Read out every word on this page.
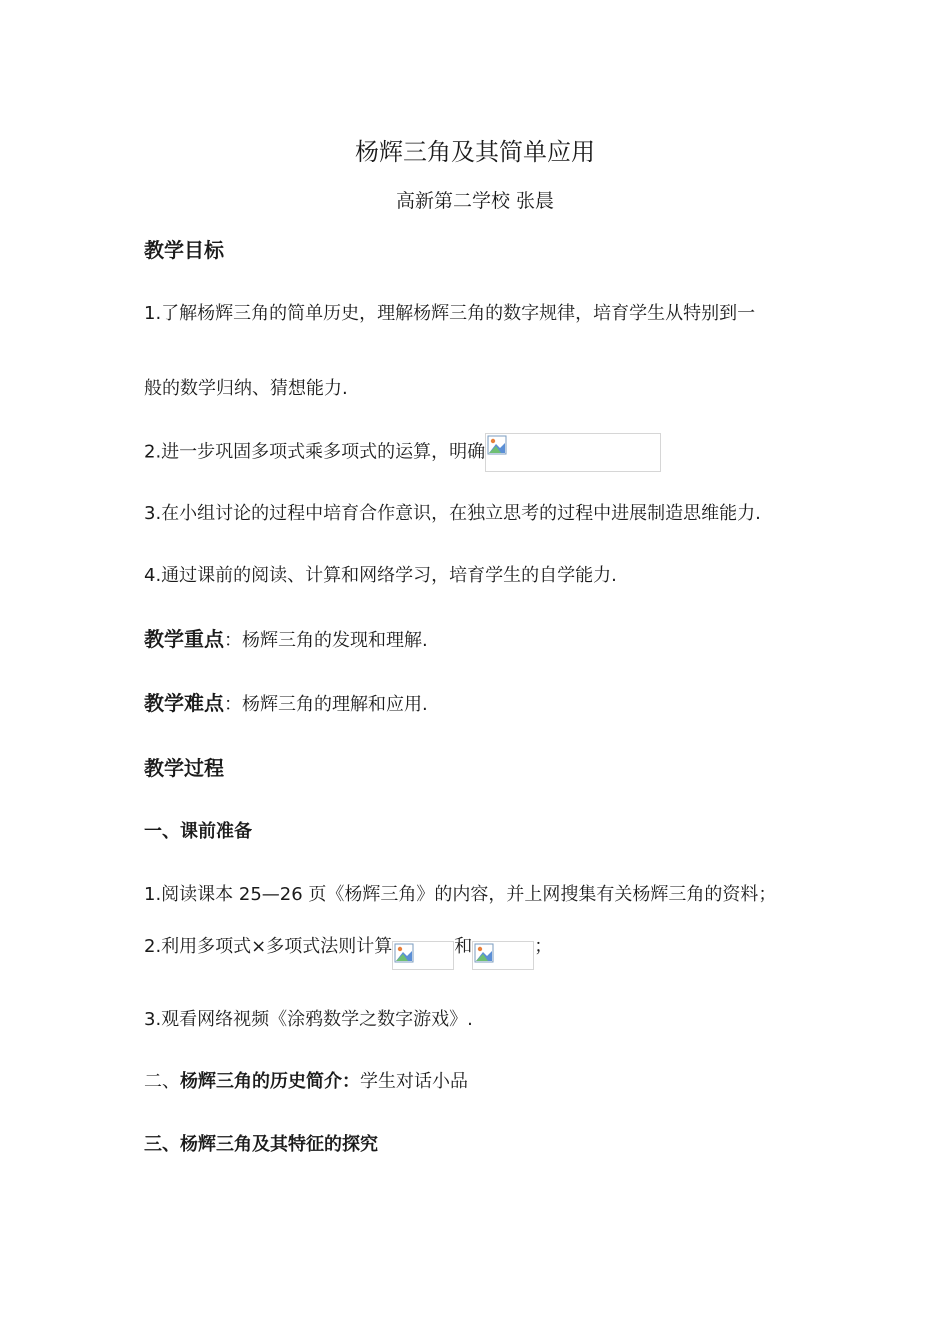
杨辉三角及其简单应用
高新第二学校 张晨
教学目标
1.了解杨辉三角的简单历史，理解杨辉三角的数字规律，培育学生从特别到一
般的数学归纳、猜想能力.
2.进一步巩固多项式乘多项式的运算，明确
3.在小组讨论的过程中培育合作意识，在独立思考的过程中进展制造思维能力.
4.通过课前的阅读、计算和网络学习，培育学生的自学能力.
教学重点：杨辉三角的发现和理解.
教学难点：杨辉三角的理解和应用.
教学过程
一、课前准备
1.阅读课本 25—26 页《杨辉三角》的内容，并上网搜集有关杨辉三角的资料；
2.利用多项式×多项式法则计算	和	；
3.观看网络视频《涂鸦数学之数字游戏》.
二、杨辉三角的历史简介：学生对话小品
三、杨辉三角及其特征的探究
